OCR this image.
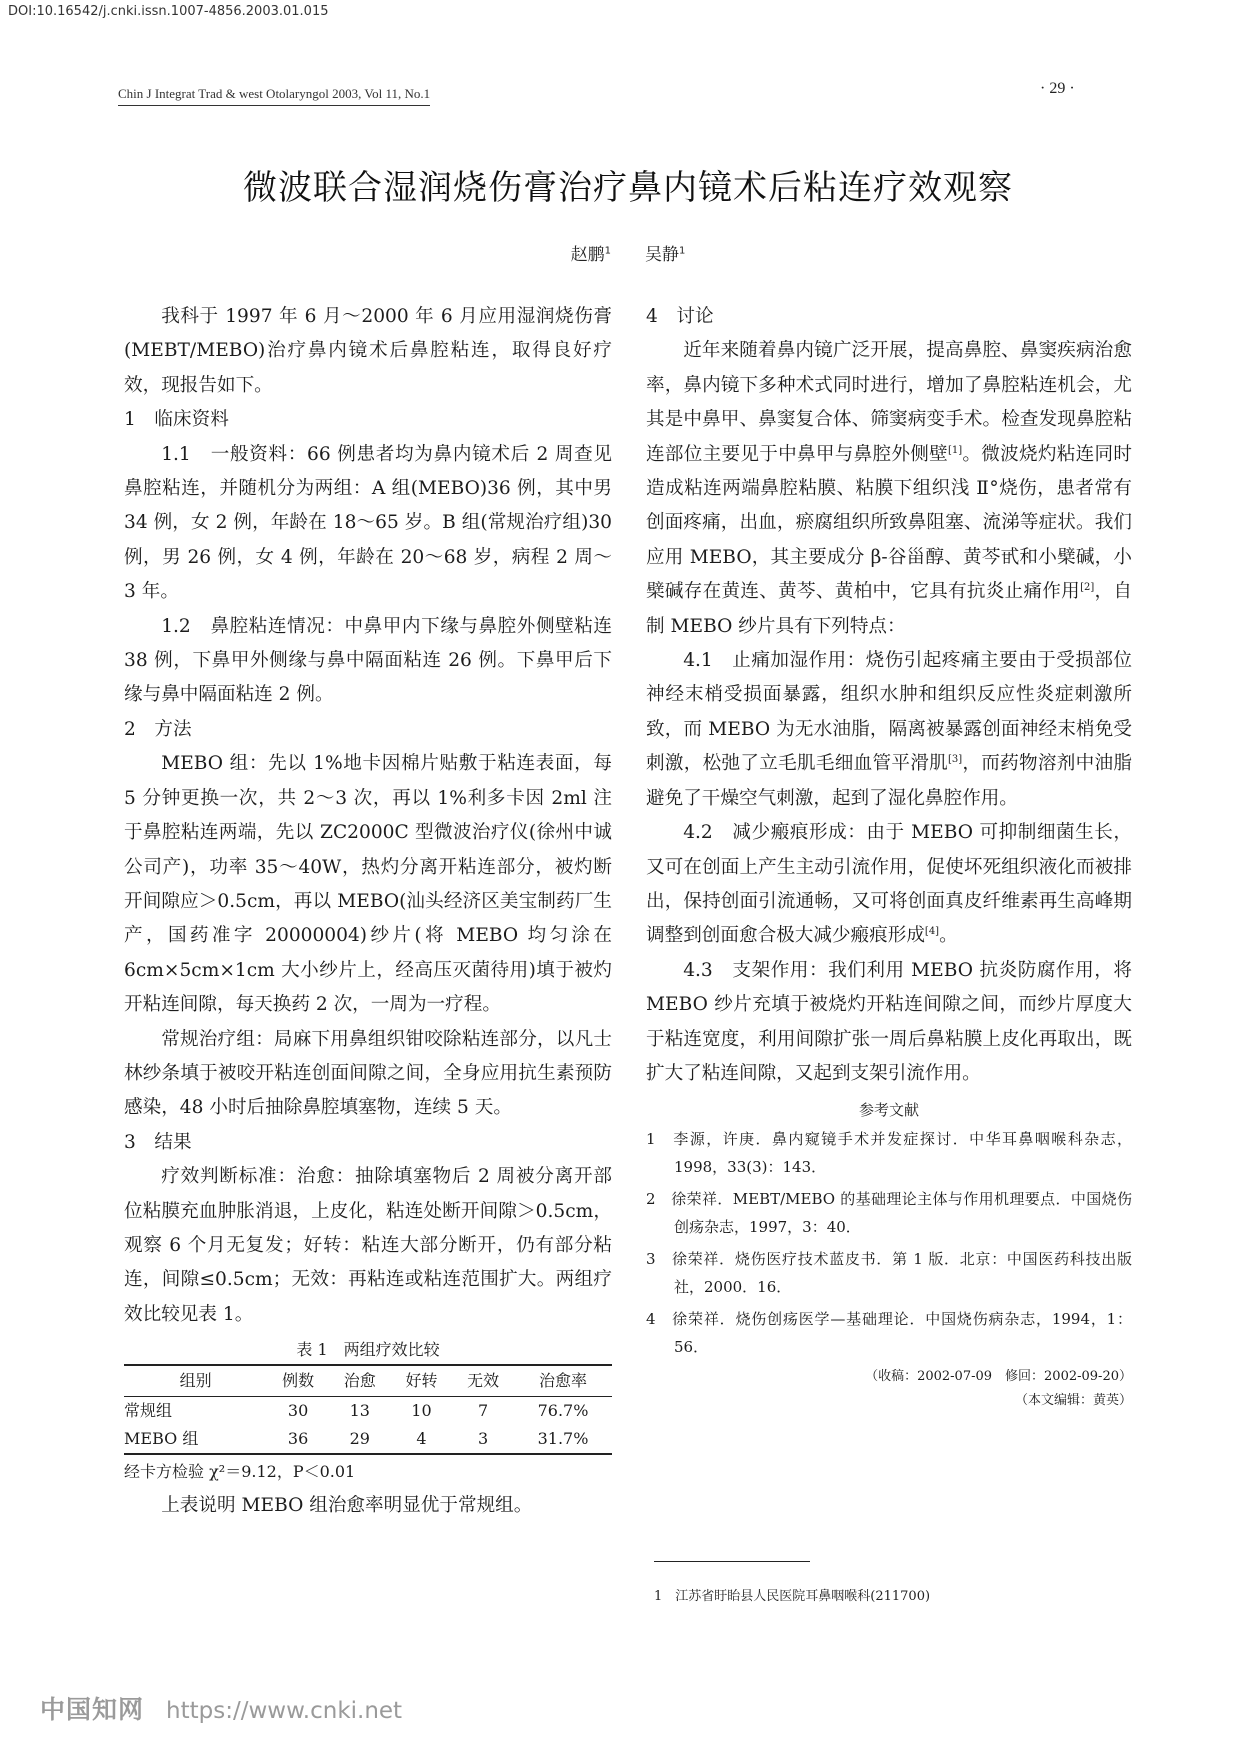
DOI:10.16542/j.cnki.issn.1007-4856.2003.01.015
Chin J Integrat Trad & west Otolaryngol 2003, Vol 11, No.1	· 29 ·
微波联合湿润烧伤膏治疗鼻内镜术后粘连疗效观察
赵鹏$^1$　　 吴静$^1$

我科于 1997 年 6 月～2000 年 6 月应用湿润烧伤膏(MEBT/MEBO)治疗鼻内镜术后鼻腔粘连，取得良好疗效，现报告如下。

1　临床资料

1.1　一般资料：66 例患者均为鼻内镜术后 2 周查见鼻腔粘连，并随机分为两组：A 组(MEBO)36 例，其中男 34 例，女 2 例，年龄在 18～65 岁。B 组(常规治疗组)30 例，男 26 例，女 4 例，年龄在 20～68 岁，病程 2 周～3 年。

1.2　鼻腔粘连情况：中鼻甲内下缘与鼻腔外侧壁粘连 38 例，下鼻甲外侧缘与鼻中隔面粘连 26 例。下鼻甲后下缘与鼻中隔面粘连 2 例。

2　方法

MEBO 组：先以 1%地卡因棉片贴敷于粘连表面，每 5 分钟更换一次，共 2～3 次，再以 1%利多卡因 2ml 注于鼻腔粘连两端，先以 ZC2000C 型微波治疗仪(徐州中诚公司产)，功率 35～40W，热灼分离开粘连部分，被灼断开间隙应＞0.5cm，再以 MEBO(汕头经济区美宝制药厂生产，国药准字 20000004)纱片(将 MEBO 均匀涂在 6cm×5cm×1cm 大小纱片上，经高压灭菌待用)填于被灼开粘连间隙，每天换药 2 次，一周为一疗程。

常规治疗组：局麻下用鼻组织钳咬除粘连部分，以凡士林纱条填于被咬开粘连创面间隙之间，全身应用抗生素预防感染，48 小时后抽除鼻腔填塞物，连续 5 天。

3　结果

疗效判断标准：治愈：抽除填塞物后 2 周被分离开部位粘膜充血肿胀消退，上皮化，粘连处断开间隙＞0.5cm，观察 6 个月无复发；好转：粘连大部分断开，仍有部分粘连，间隙≤0.5cm；无效：再粘连或粘连范围扩大。两组疗效比较见表 1。

表 1　两组疗效比较
组别	例数	治愈	好转	无效	治愈率
常规组	30	13	10	7	76.7%
MEBO 组	36	29	4	3	31.7%
经卡方检验 χ²＝9.12，P＜0.01

上表说明 MEBO 组治愈率明显优于常规组。

4　讨论

近年来随着鼻内镜广泛开展，提高鼻腔、鼻窦疾病治愈率，鼻内镜下多种术式同时进行，增加了鼻腔粘连机会，尤其是中鼻甲、鼻窦复合体、筛窦病变手术。检查发现鼻腔粘连部位主要见于中鼻甲与鼻腔外侧壁[1]。微波烧灼粘连同时造成粘连两端鼻腔粘膜、粘膜下组织浅 Ⅱ°烧伤，患者常有创面疼痛，出血，瘀腐组织所致鼻阻塞、流涕等症状。我们应用 MEBO，其主要成分 β-谷甾醇、黄芩甙和小檗碱，小檗碱存在黄连、黄芩、黄柏中，它具有抗炎止痛作用[2]，自制 MEBO 纱片具有下列特点：

4.1　止痛加湿作用：烧伤引起疼痛主要由于受损部位神经末梢受损面暴露，组织水肿和组织反应性炎症刺激所致，而 MEBO 为无水油脂，隔离被暴露创面神经末梢免受刺激，松弛了立毛肌毛细血管平滑肌[3]，而药物溶剂中油脂避免了干燥空气刺激，起到了湿化鼻腔作用。

4.2　减少瘢痕形成：由于 MEBO 可抑制细菌生长，又可在创面上产生主动引流作用，促使坏死组织液化而被排出，保持创面引流通畅，又可将创面真皮纤维素再生高峰期调整到创面愈合极大减少瘢痕形成[4]。

4.3　支架作用：我们利用 MEBO 抗炎防腐作用，将 MEBO 纱片充填于被烧灼开粘连间隙之间，而纱片厚度大于粘连宽度，利用间隙扩张一周后鼻粘膜上皮化再取出，既扩大了粘连间隙，又起到支架引流作用。

参考文献
1　李源，许庚．鼻内窥镜手术并发症探讨．中华耳鼻咽喉科杂志，1998，33(3)：143．
2　徐荣祥．MEBT/MEBO 的基础理论主体与作用机理要点．中国烧伤创疡杂志，1997，3：40．
3　徐荣祥．烧伤医疗技术蓝皮书．第 1 版．北京：中国医药科技出版社，2000．16．
4　徐荣祥．烧伤创疡医学—基础理论．中国烧伤病杂志，1994，1：56．
（收稿：2002-07-09　修回：2002-09-20）
（本文编辑：黄英）
1　江苏省盱眙县人民医院耳鼻咽喉科(211700)
中国知网 https://www.cnki.net
